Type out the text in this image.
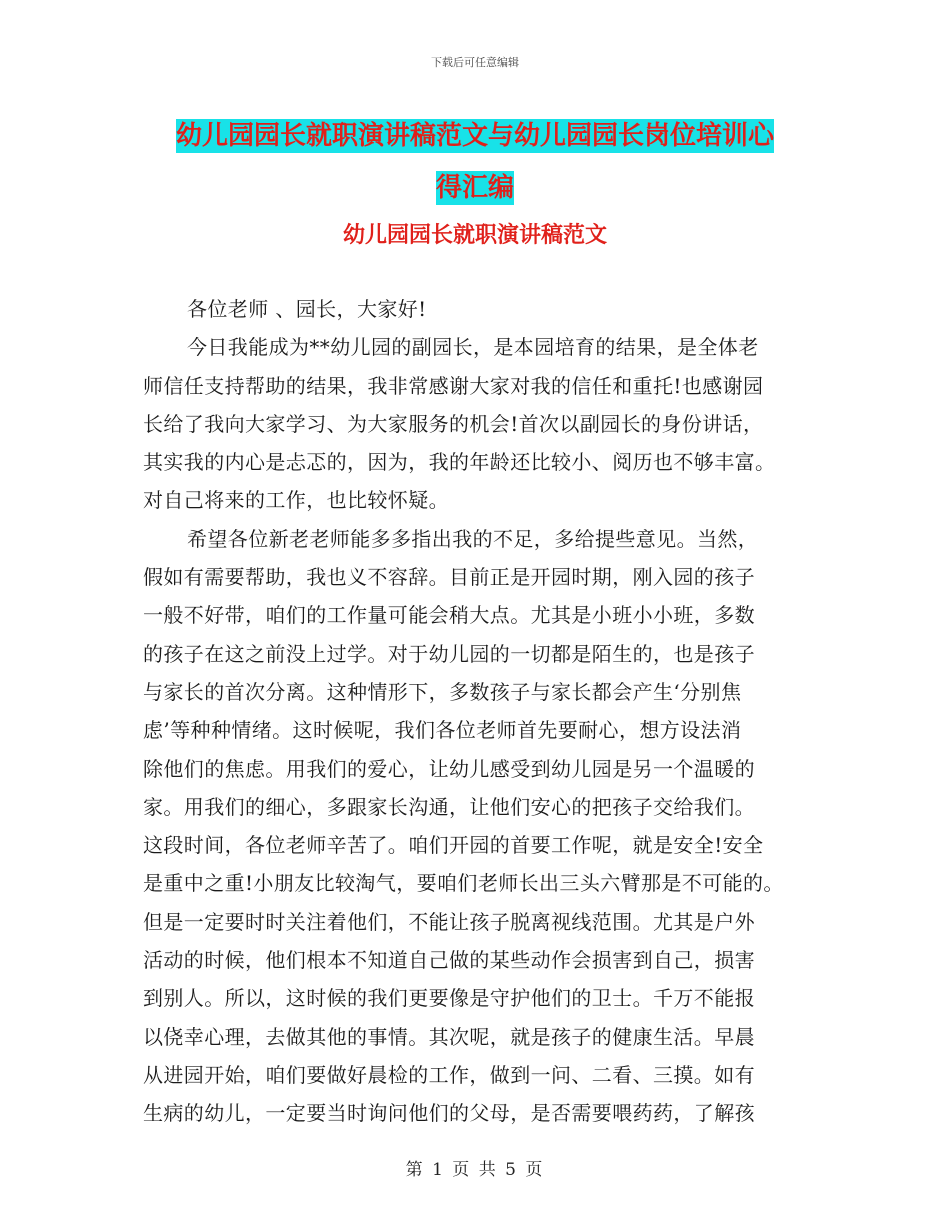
下载后可任意编辑
幼儿园园长就职演讲稿范文与幼儿园园长岗位培训心
得汇编
幼儿园园长就职演讲稿范文

各位老师 、园长，大家好!

今日我能成为**幼儿园的副园长，是本园培育的结果，是全体老

师信任支持帮助的结果，我非常感谢大家对我的信任和重托!也感谢园

长给了我向大家学习、为大家服务的机会!首次以副园长的身份讲话，

其实我的内心是忐忑的，因为，我的年龄还比较小、阅历也不够丰富。

对自己将来的工作，也比较怀疑。

希望各位新老老师能多多指出我的不足，多给提些意见。当然，

假如有需要帮助，我也义不容辞。目前正是开园时期，刚入园的孩子

一般不好带，咱们的工作量可能会稍大点。尤其是小班小小班，多数

的孩子在这之前没上过学。对于幼儿园的一切都是陌生的，也是孩子

与家长的首次分离。这种情形下，多数孩子与家长都会产生‘分别焦

虑’等种种情绪。这时候呢，我们各位老师首先要耐心，想方设法消

除他们的焦虑。用我们的爱心，让幼儿感受到幼儿园是另一个温暖的

家。用我们的细心，多跟家长沟通，让他们安心的把孩子交给我们。

这段时间，各位老师辛苦了。咱们开园的首要工作呢，就是安全!安全

是重中之重!小朋友比较淘气，要咱们老师长出三头六臂那是不可能的。

但是一定要时时关注着他们，不能让孩子脱离视线范围。尤其是户外

活动的时候，他们根本不知道自己做的某些动作会损害到自己，损害

到别人。所以，这时候的我们更要像是守护他们的卫士。千万不能报

以侥幸心理，去做其他的事情。其次呢，就是孩子的健康生活。早晨

从进园开始，咱们要做好晨检的工作，做到一问、二看、三摸。如有

生病的幼儿，一定要当时询问他们的父母，是否需要喂药药，了解孩

第 1 页 共 5 页
